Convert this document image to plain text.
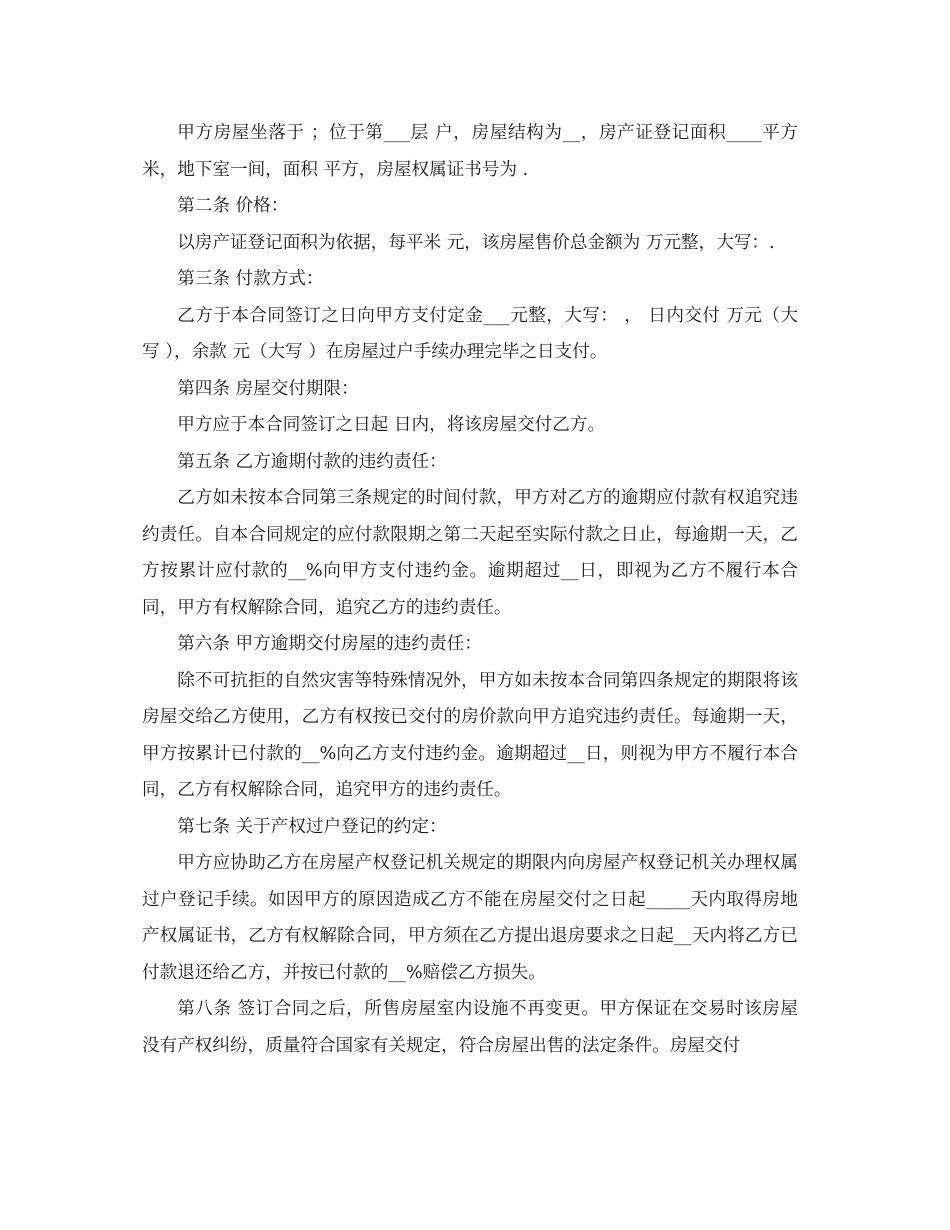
甲方房屋坐落于 ；位于第___层 户，房屋结构为__，房产证登记面积____平方米，地下室一间，面积 平方，房屋权属证书号为 .

第二条 价格：

以房产证登记面积为依据，每平米 元，该房屋售价总金额为 万元整，大写：.

第三条 付款方式：

乙方于本合同签订之日向甲方支付定金___元整，大写： ， 日内交付 万元（大写 ），余款 元（大写 ）在房屋过户手续办理完毕之日支付。

第四条 房屋交付期限：

甲方应于本合同签订之日起 日内，将该房屋交付乙方。

第五条 乙方逾期付款的违约责任：

乙方如未按本合同第三条规定的时间付款，甲方对乙方的逾期应付款有权追究违约责任。自本合同规定的应付款限期之第二天起至实际付款之日止，每逾期一天，乙方按累计应付款的__%向甲方支付违约金。逾期超过__日，即视为乙方不履行本合同，甲方有权解除合同，追究乙方的违约责任。

第六条 甲方逾期交付房屋的违约责任：

除不可抗拒的自然灾害等特殊情况外，甲方如未按本合同第四条规定的期限将该房屋交给乙方使用，乙方有权按已交付的房价款向甲方追究违约责任。每逾期一天，甲方按累计已付款的__%向乙方支付违约金。逾期超过__日，则视为甲方不履行本合同，乙方有权解除合同，追究甲方的违约责任。

第七条 关于产权过户登记的约定：

甲方应协助乙方在房屋产权登记机关规定的期限内向房屋产权登记机关办理权属过户登记手续。如因甲方的原因造成乙方不能在房屋交付之日起_____天内取得房地产权属证书，乙方有权解除合同，甲方须在乙方提出退房要求之日起__天内将乙方已付款退还给乙方，并按已付款的__%赔偿乙方损失。

第八条 签订合同之后，所售房屋室内设施不再变更。甲方保证在交易时该房屋没有产权纠纷，质量符合国家有关规定，符合房屋出售的法定条件。房屋交付
